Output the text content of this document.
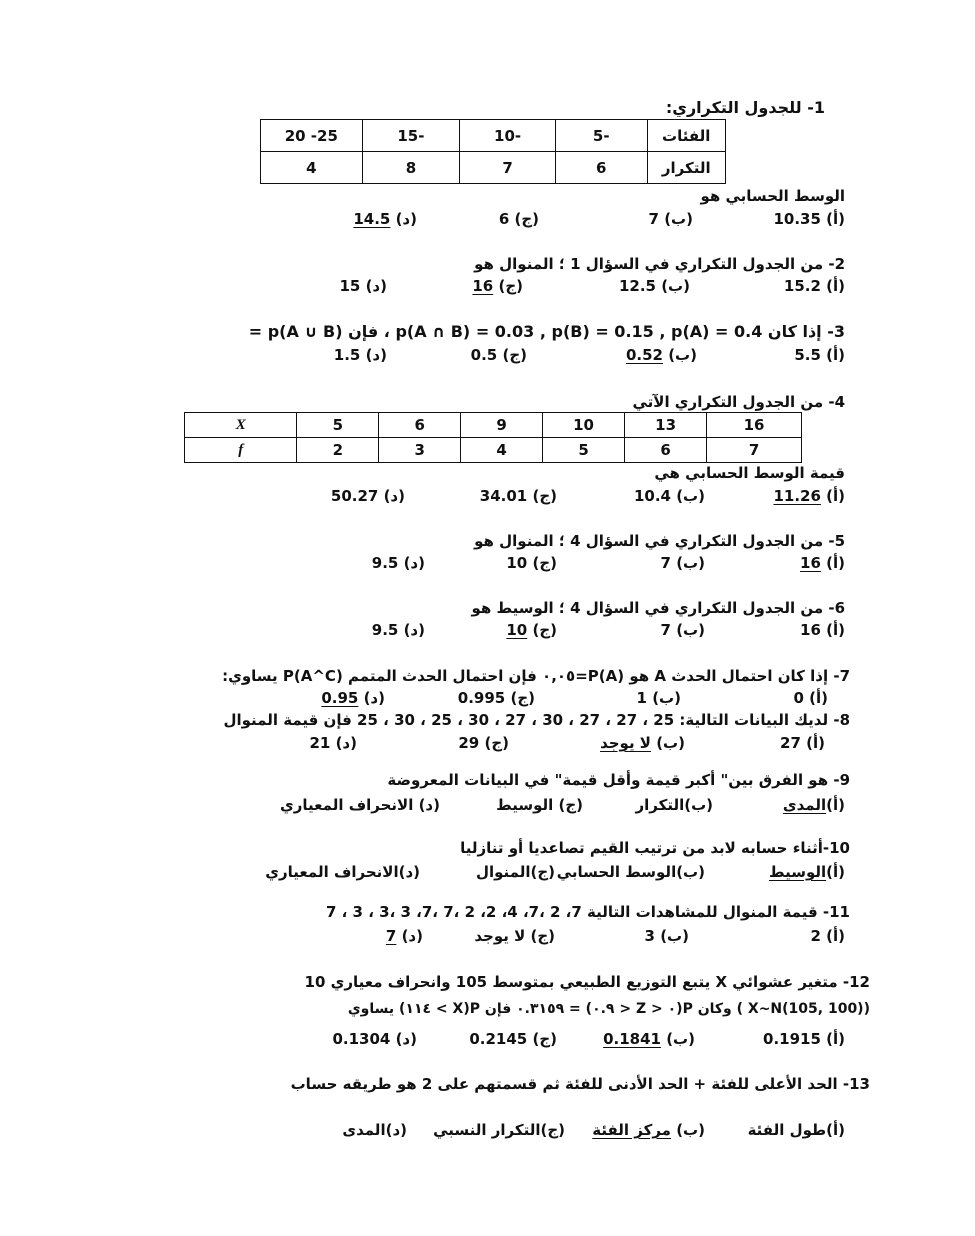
1- للجدول التكراري:
20 -25	15-	10-	5-	الفئات
4	8	7	6	التكرار
الوسط الحسابي هو
(أ) 10.35
(ب) 7
(ج) 6
(د) 14.5
2- من الجدول التكراري في السؤال 1 ؛ المنوال هو
(أ) 15.2
(ب) 12.5
(ج) 16
(د) 15
3- إذا كان p(A ∩ B) = 0.03 , p(B) = 0.15 , p(A) = 0.4 ، فإن p(A ∪ B) =
(أ) 5.5
(ب) 0.52
(ج) 0.5
(د) 1.5
4- من الجدول التكراري الآتي
X	5	6	9	10	13	16
f	2	3	4	5	6	7
قيمة الوسط الحسابي هي
(أ) 11.26
(ب) 10.4
(ج) 34.01
(د) 50.27
5- من الجدول التكراري في السؤال 4 ؛ المنوال هو
(أ) 16
(ب) 7
(ج) 10
(د) 9.5
6- من الجدول التكراري في السؤال 4 ؛ الوسيط هو
(أ) 16
(ب) 7
(ج) 10
(د) 9.5
7- إذا كان احتمال الحدث A هو P(A)=٠,٠٥ فإن احتمال الحدث المتمم P(A^C) يساوي:
(أ) 0
(ب) 1
(ج) 0.995
(د) 0.95
8- لديك البيانات التالية: 25 ، 27 ، 27 ، 30 ، 27 ، 30 ، 25 ، 30 ، 25 فإن قيمة المنوال
(أ) 27
(ب) لا يوجد
(ج) 29
(د) 21
9- هو الفرق بين" أكبر قيمة وأقل قيمة" في البيانات المعروضة
(أ)المدى
(ب)التكرار
(ج) الوسيط
(د) الانحراف المعياري
10-أثناء حسابه لابد من ترتيب القيم تصاعديا أو تنازليا
(أ)الوسيط
(ب)الوسط الحسابي
(ج)المنوال
(د)الانحراف المعياري
11- قيمة المنوال للمشاهدات التالية 7، 2 ،7، 4، 2، 2 ،7 ،7، 3 ،3 ، 3 ، 7
(أ) 2
(ب) 3
(ج) لا يوجد
(د) 7
12- متغير عشوائي X يتبع التوزيع الطبيعي بمتوسط 105 وانحراف معياري 10
(X~N(105, 100) ) وكان P(٠ < Z < ٠.٩) = ٠.٣١٥٩ فإن P(X > ١١٤) يساوي
(أ) 0.1915
(ب) 0.1841
(ج) 0.2145
(د) 0.1304
13- الحد الأعلى للفئة + الحد الأدنى للفئة ثم قسمتهم على 2 هو طريقه حساب
(أ)طول الفئة
(ب) مركز الفئة
(ج)التكرار النسبي
(د)المدى
